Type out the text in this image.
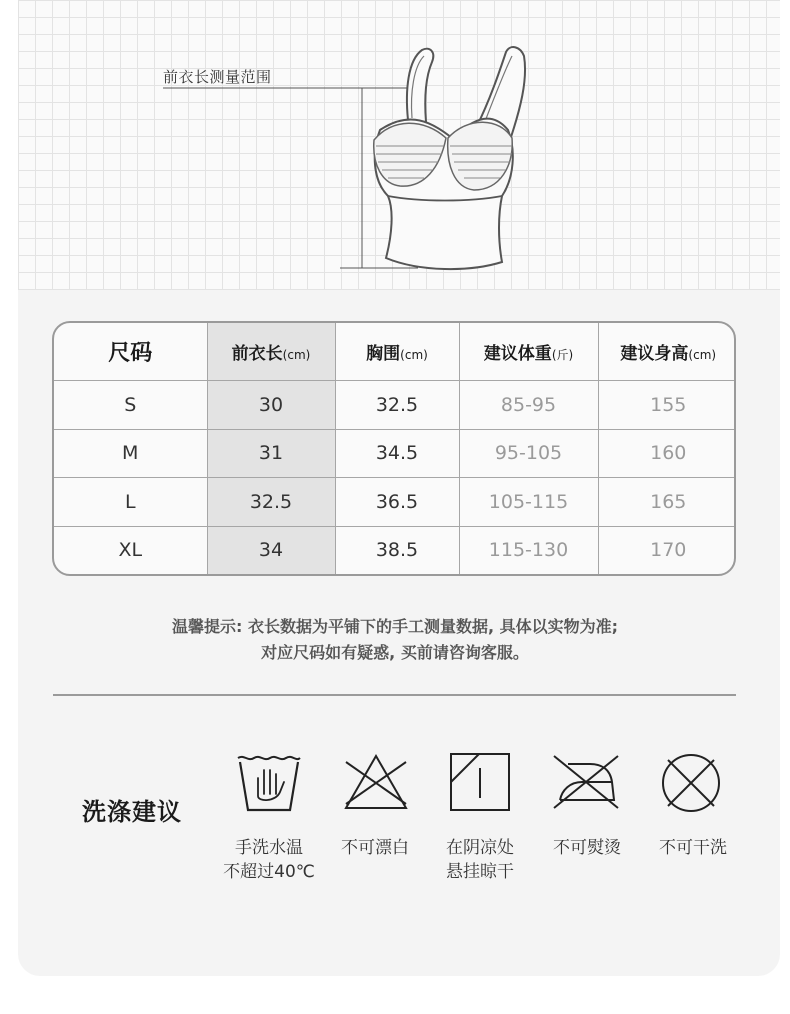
前衣长测量范围
尺码	前衣长(cm)	胸围(cm)	建议体重(斤)	建议身高(cm)
S	30	32.5	85-95	155
M	31	34.5	95-105	160
L	32.5	36.5	105-115	165
XL	34	38.5	115-130	170
温馨提示: 衣长数据为平铺下的手工测量数据, 具体以实物为准;
对应尺码如有疑惑, 买前请咨询客服。
洗涤建议
手洗水温
不超过40℃
不可漂白	在阴凉处
悬挂晾干
不可熨烫	不可干洗
